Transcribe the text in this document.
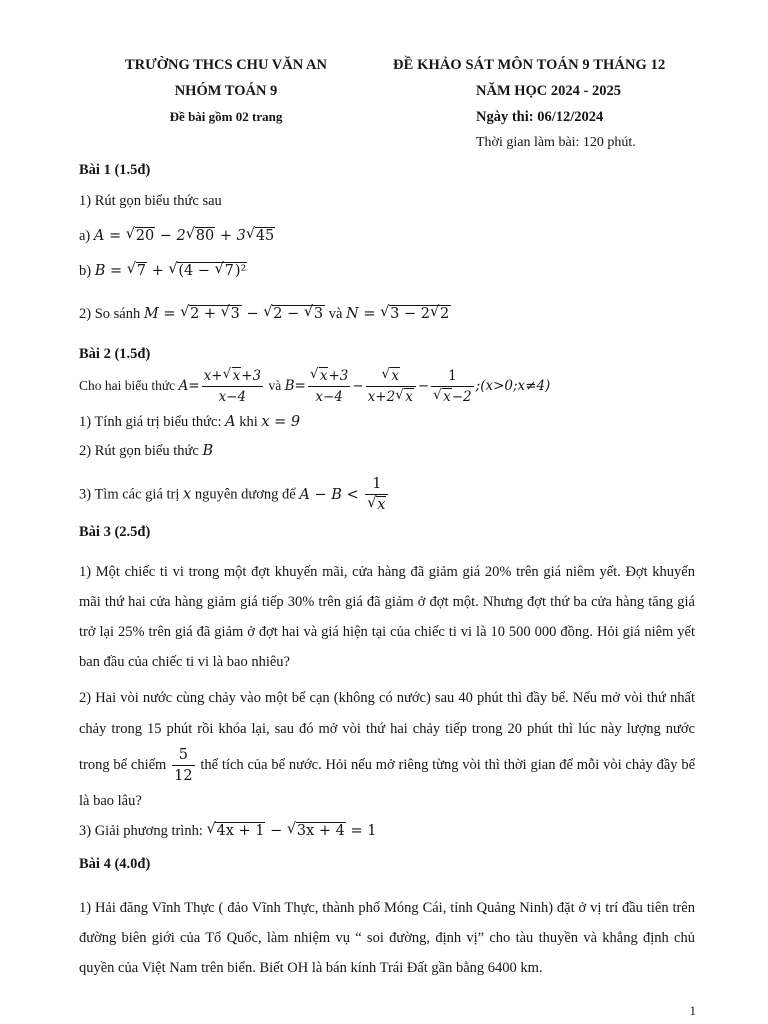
TRƯỜNG THCS CHU VĂN AN
NHÓM TOÁN 9
Đề bài gồm 02 trang
ĐỀ KHẢO SÁT MÔN TOÁN 9 THÁNG 12
NĂM HỌC 2024 - 2025
Ngày thi: 06/12/2024
Thời gian làm bài: 120 phút.
Bài 1 (1.5đ)
1) Rút gọn biểu thức sau
a) A = √ 20 − 2 √ 80 + 3 √ 45
b) B = √ 7 + √ (4 − √ 7)²
2) So sánh M = √ 2 + √ 3 − √ 2 − √ 3 và N = √ 3 − 2 √ 2
Bài 2 (1.5đ)
Cho hai biểu thức $A= \frac{x+ √ x+3}{x-4}$ và B= √ $\frac{x+3}{x-4}$ − √ $\frac{x}{x+2 √ x} - 1$
√ x−2 ;(x>0;x≠4)
1) Tính giá trị biểu thức: A khi x = 9
2) Rút gọn biểu thức B
3) Tìm các giá trị x nguyên dương để A − B < 1
√ x
Bài 3 (2.5đ)
1) Một chiếc ti vi trong một đợt khuyến mãi, cửa hàng đã giảm giá 20% trên giá niêm yết. Đợt khuyến mãi thứ hai cửa hàng giảm giá tiếp 30% trên giá đã giảm ở đợt một. Nhưng đợt thứ ba cửa hàng tăng giá trở lại 25% trên giá đã giảm ở đợt hai và giá hiện tại của chiếc ti vi là 10 500 000 đồng. Hỏi giá niêm yết ban đầu của chiếc ti vi là bao nhiêu?
2) Hai vòi nước cùng chảy vào một bể cạn (không có nước) sau 40 phút thì đầy bể. Nếu mở vòi thứ nhất chảy trong 15 phút rồi khóa lại, sau đó mở vòi thứ hai chảy tiếp trong 20 phút thì lúc này lượng nước trong bể chiếm $\frac{5}{12}$ thể tích của bể nước. Hỏi nếu mở riêng từng vòi thì thời gian để mỗi vòi chảy đầy bể là bao lâu?
3) Giải phương trình: √ 4x + 1 − √ 3x + 4 = 1
Bài 4 (4.0đ)
1) Hải đăng Vĩnh Thực ( đảo Vĩnh Thực, thành phố Móng Cái, tỉnh Quảng Ninh) đặt ở vị trí đầu tiên trên đường biên giới của Tổ Quốc, làm nhiệm vụ “ soi đường, định vị” cho tàu thuyền và khẳng định chủ quyền của Việt Nam trên biển. Biết OH là bán kính Trái Đất gần bằng 6400 km.
1
